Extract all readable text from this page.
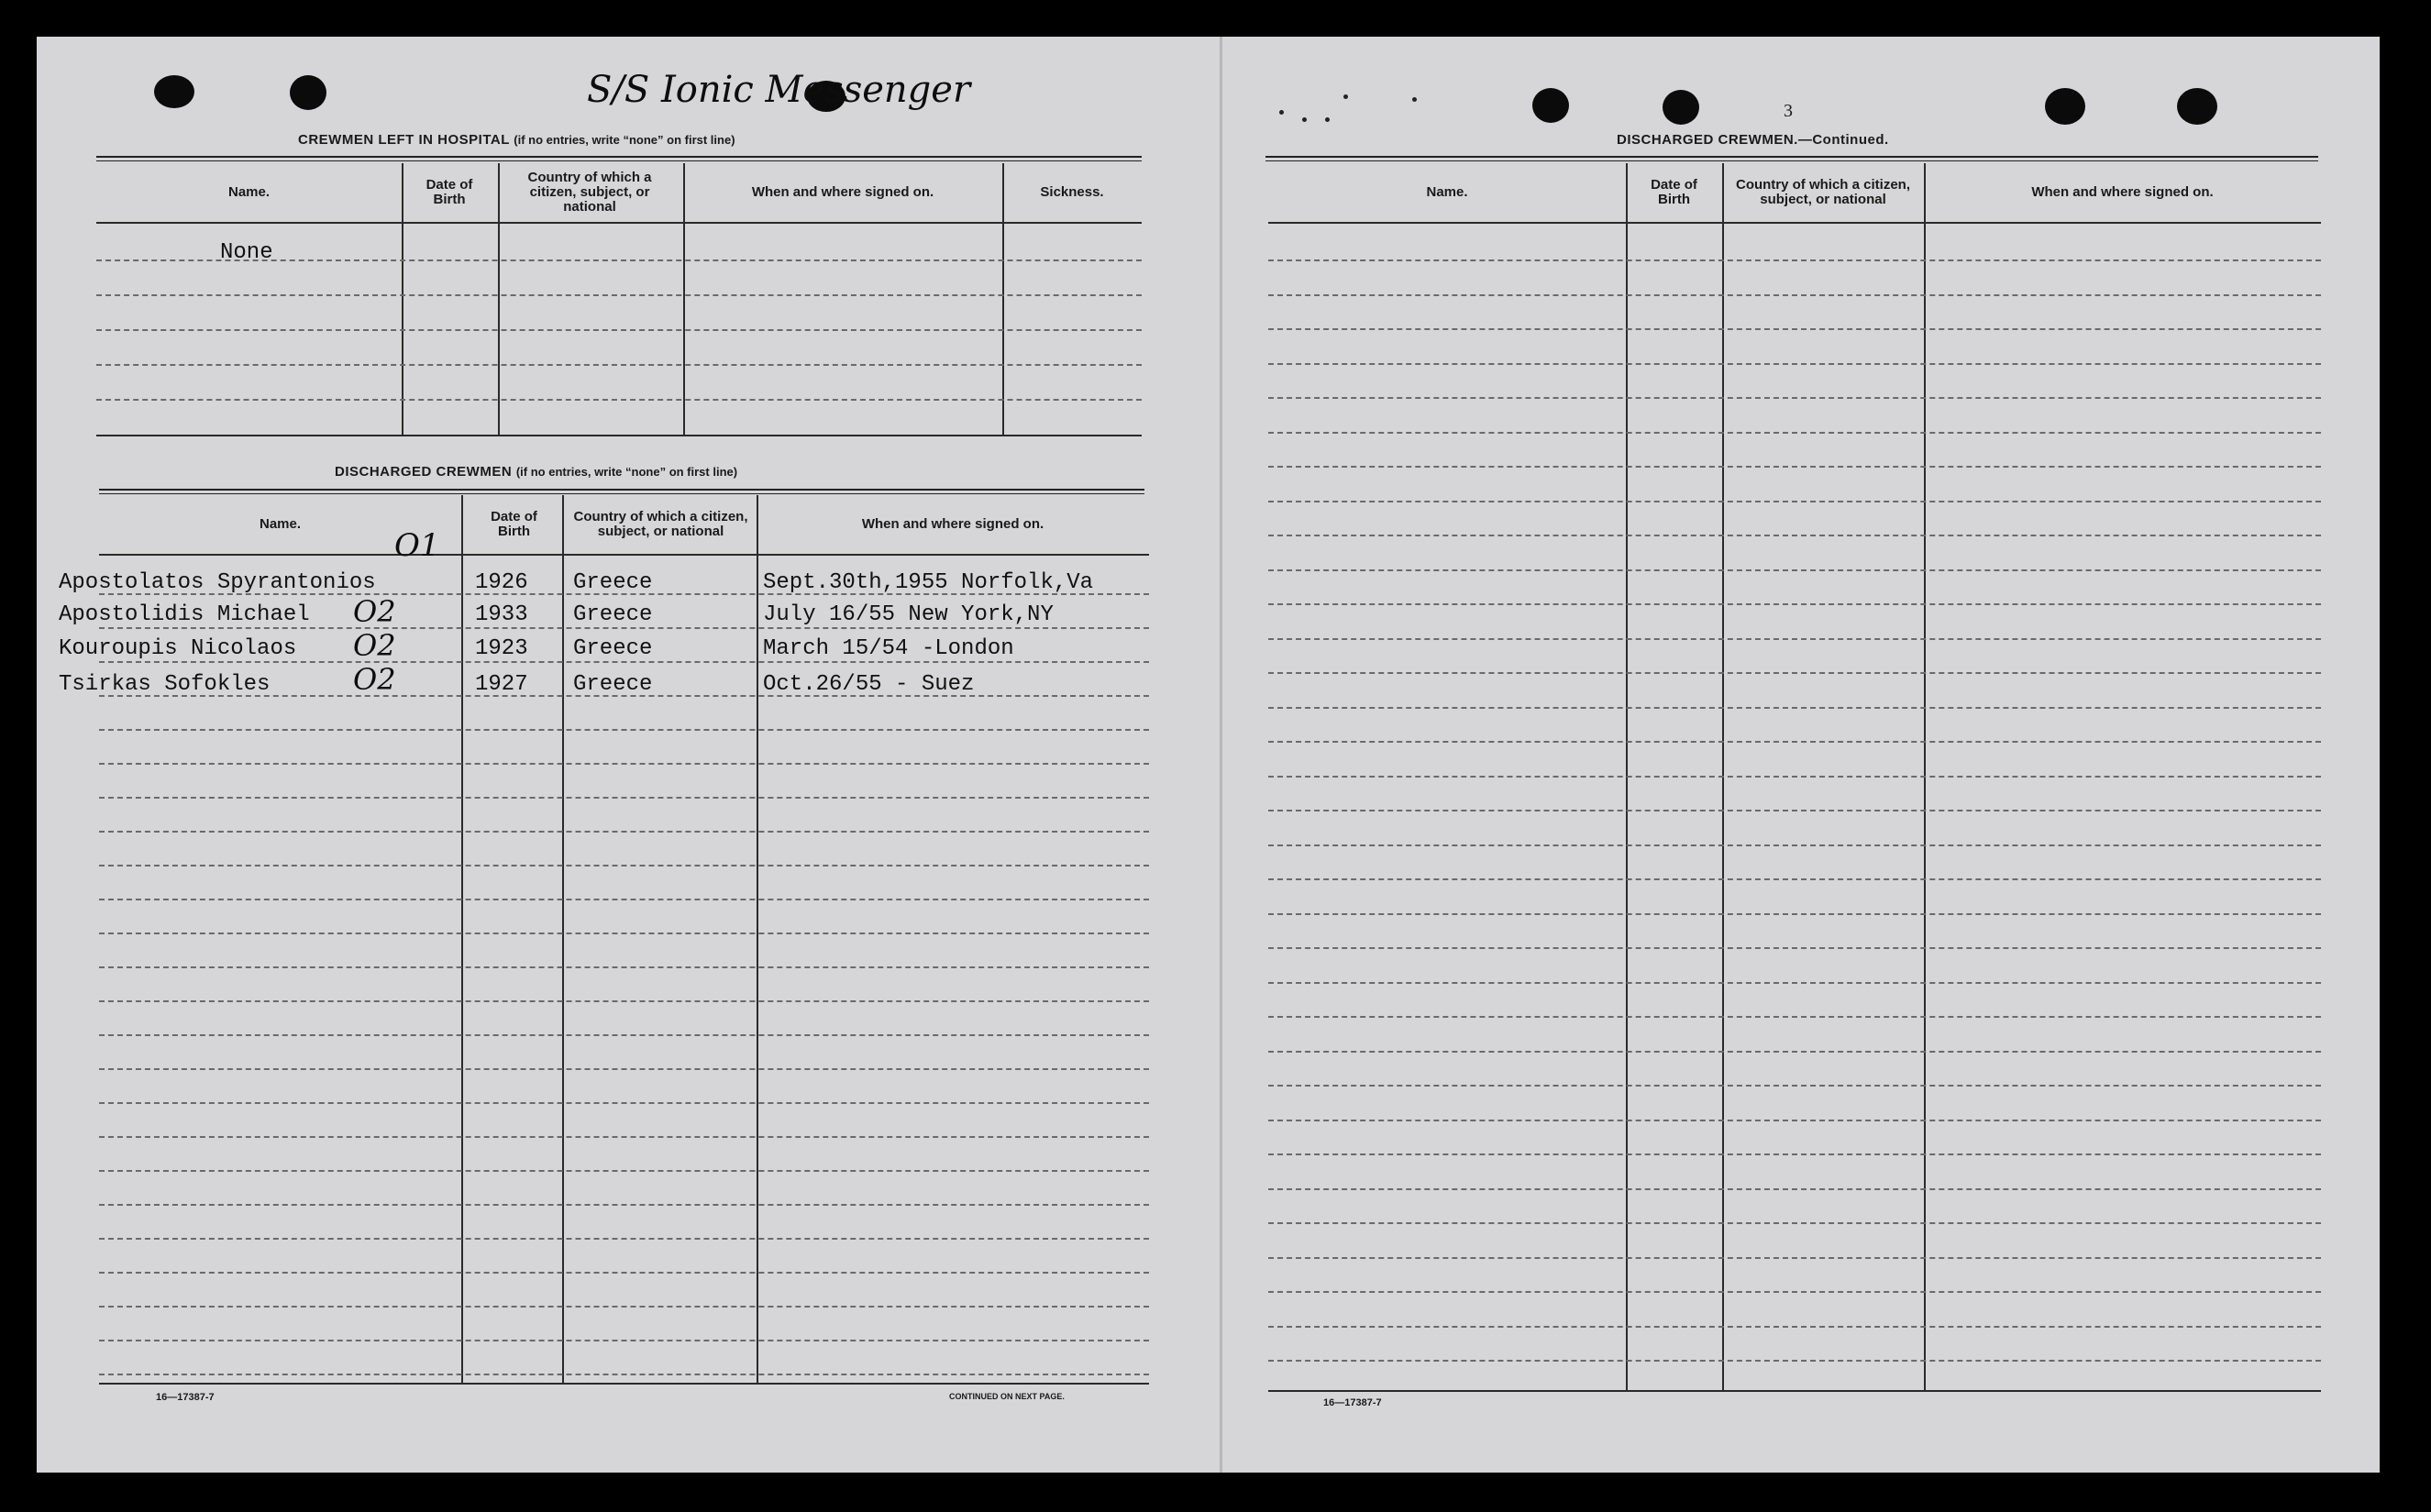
S/S Ionic Messenger	3
CREWMEN LEFT IN HOSPITAL (if no entries, write “none” on first line)
Name.	Date of Birth
Country of which a citizen, subject, or national
When and where signed on.	Sickness.
None
DISCHARGED CREWMEN (if no entries, write “none” on first line)
Name.	Date of Birth
Country of which a citizen, subject, or national	When and where signed on.
Apostolatos Spyrantonios	1926 Greece	Sept.30th,1955 Norfolk,Va
O1
Apostolidis Michael	1933 Greece	July 16/55 New York,NY
O2
Kouroupis Nicolaos	1923 Greece	March 15/54 -London
O2
Tsirkas Sofokles	1927 Greece	Oct.26/55 - Suez
O2
16—17387-7	CONTINUED ON NEXT PAGE.
DISCHARGED CREWMEN.—Continued.
Name.	Date of Birth
Country of which a citizen, subject, or national	When and where signed on.
16—17387-7
